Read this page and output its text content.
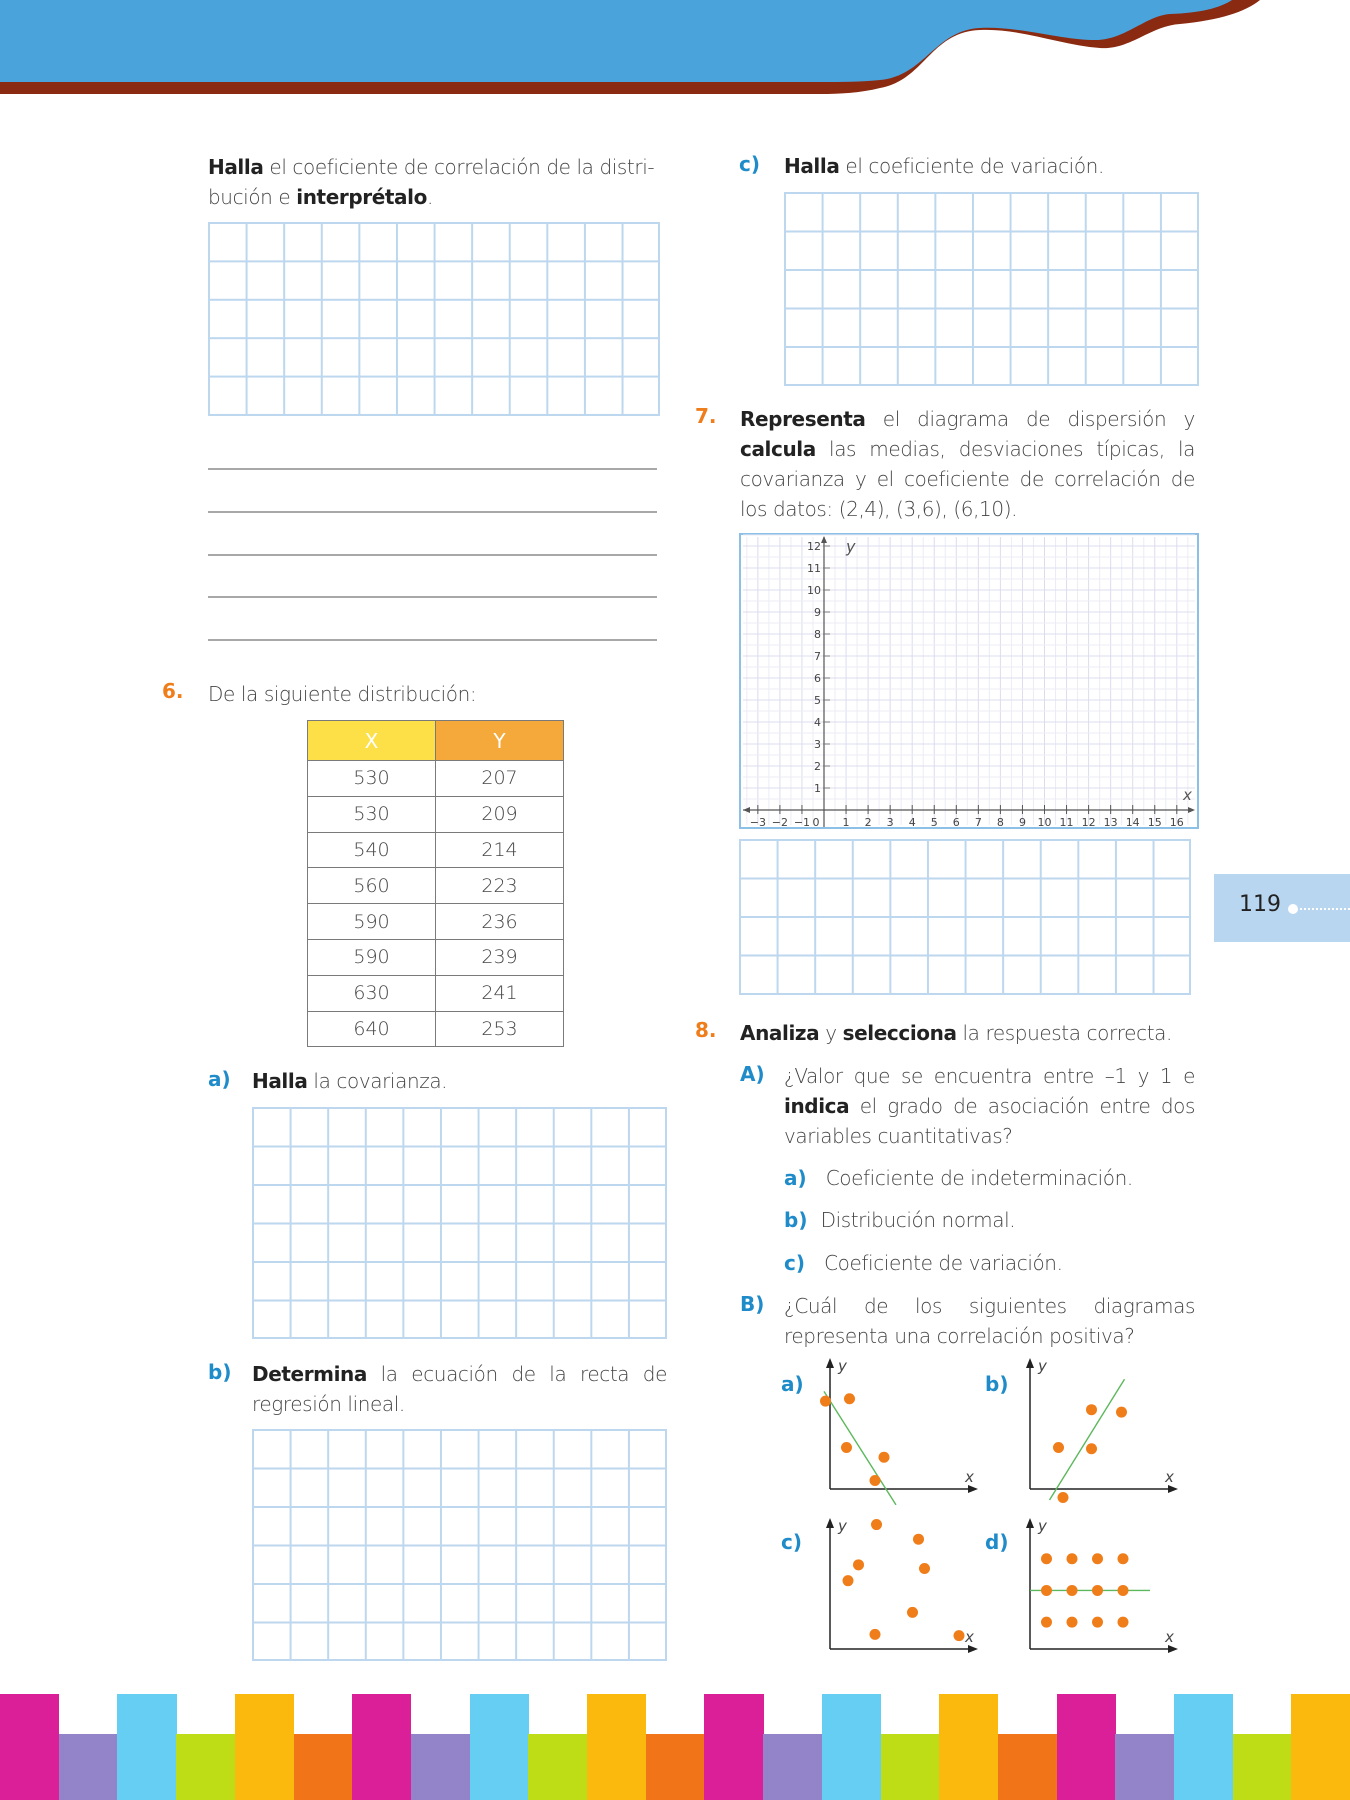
Halla el coeficiente de correlación de la distri-
bución e interprétalo.
6. De la siguiente distribución:
X	Y
530	207
530	209
540	214
560	223
590	236
590	239
630	241
640	253
a) Halla la covarianza.
b) Determina la ecuación de la recta de regresión lineal.
c) Halla el coeficiente de variación.
7. Representa el diagrama de dispersión y calcula las medias, desviaciones típicas, la covarianza y el coeficiente de correlación de los datos: (2,4), (3,6), (6,10).
−3 −2 −1 0 1 2 3 4 5 6 7 8 9 10 11 12 13 14 15 16
1
2
3
4
5
6
7
8
9
10
11
12
x
y
8. Analiza y selecciona la respuesta correcta.
A) ¿Valor que se encuentra entre –1 y 1 e indica el grado de asociación entre dos variables cuantitativas?
a) Coeficiente de indeterminación.
b) Distribución normal.
c) Coeficiente de variación.
B) ¿Cuál de los siguientes diagramas representa una correlación positiva?
a)
x
y
b)
x
y
c)
x
y
d)
x
y
119
